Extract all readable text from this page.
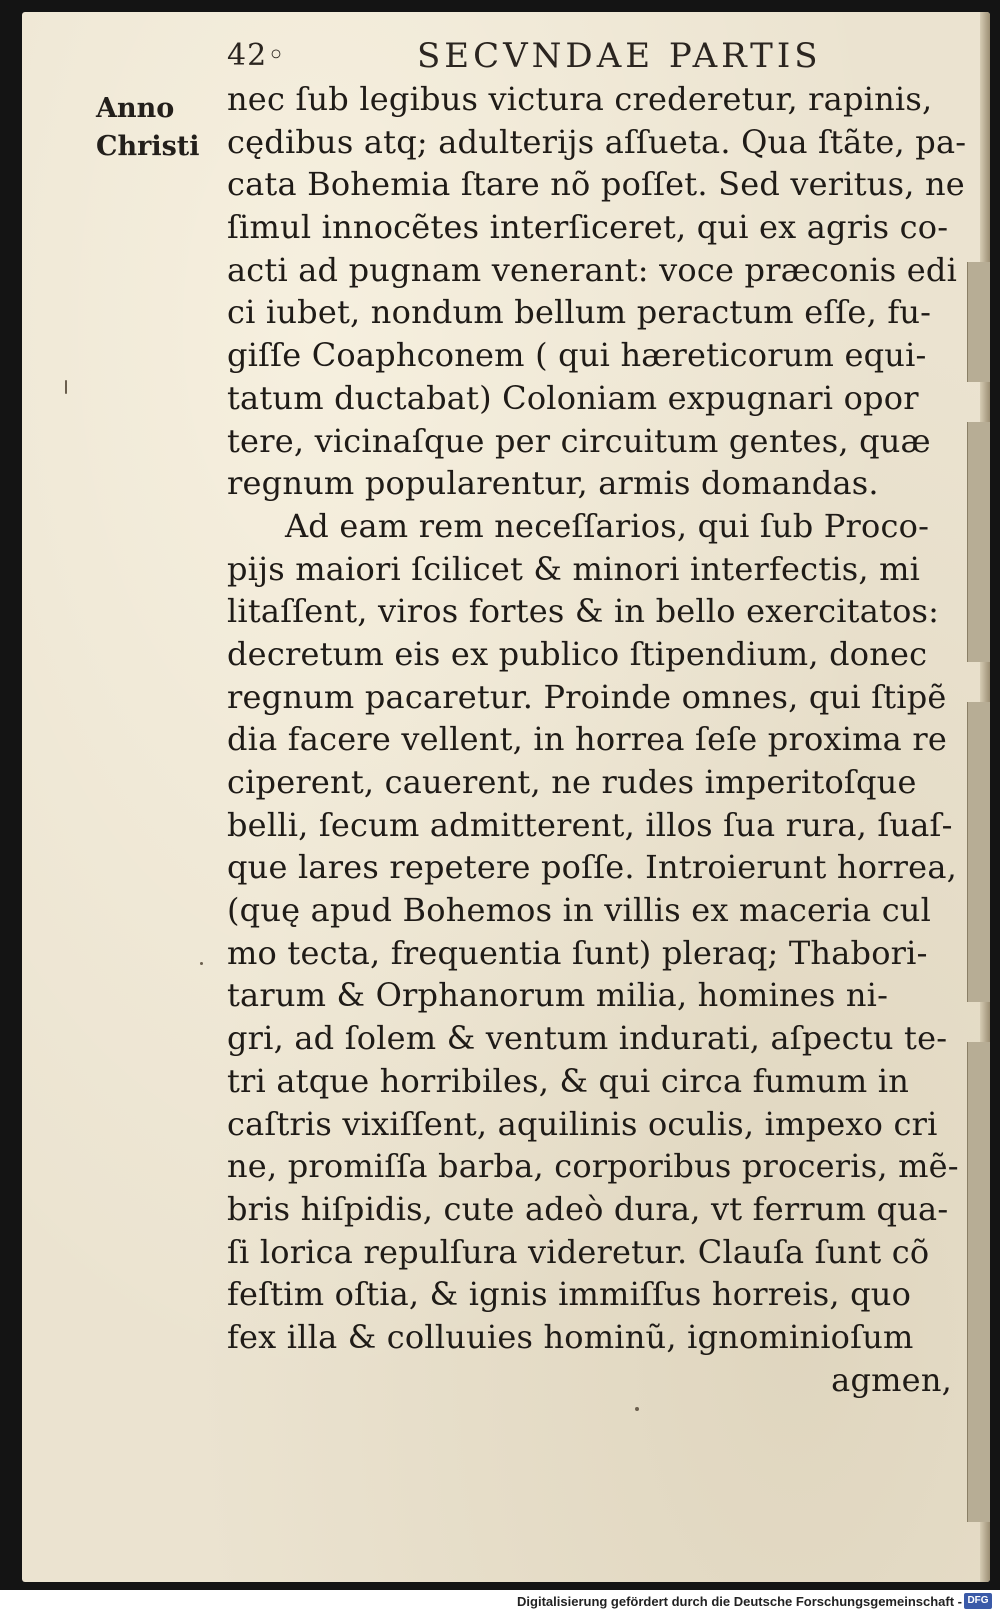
42◦	SECVNDAE PARTIS
Anno
Christi
nec ſub legibus victura crederetur, rapinis,
cędibus atq; adulterijs aſſueta. Qua ſtãte, pa-
cata Bohemia ſtare nõ poſſet. Sed veritus, ne
ſimul innocẽtes interſiceret, qui ex agris co-
acti ad pugnam venerant: voce præconis edi
ci iubet, nondum bellum peractum eſſe, fu-
giſſe Coaphconem ( qui hæreticorum equi-
tatum ductabat) Coloniam expugnari opor
tere, vicinaſque per circuitum gentes, quæ
regnum popularentur, armis domandas.
Ad eam rem neceſſarios, qui ſub Proco-
pijs maiori ſcilicet & minori interfectis, mi
litaſſent, viros fortes & in bello exercitatos:
decretum eis ex publico ſtipendium, donec
regnum pacaretur. Proinde omnes, qui ſtipẽ
dia facere vellent, in horrea ſeſe proxima re
ciperent, cauerent, ne rudes imperitoſque
belli, ſecum admitterent, illos ſua rura, ſuaſ-
que lares repetere poſſe. Introierunt horrea,
(quę apud Bohemos in villis ex maceria cul
mo tecta, frequentia ſunt) pleraq; Thabori-
tarum & Orphanorum milia, homines ni-
gri, ad ſolem & ventum indurati, aſpectu te-
tri atque horribiles, & qui circa fumum in
caſtris vixiſſent, aquilinis oculis, impexo cri
ne, promiſſa barba, corporibus proceris, mẽ-
bris hiſpidis, cute adeò dura, vt ferrum qua-
ſi lorica repulſura videretur. Clauſa ſunt cõ
feſtim oſtia, & ignis immiſſus horreis, quo
fex illa & colluuies hominũ, ignominioſum
agmen,
Digitalisierung gefördert durch die Deutsche Forschungsgemeinschaft - DFG
